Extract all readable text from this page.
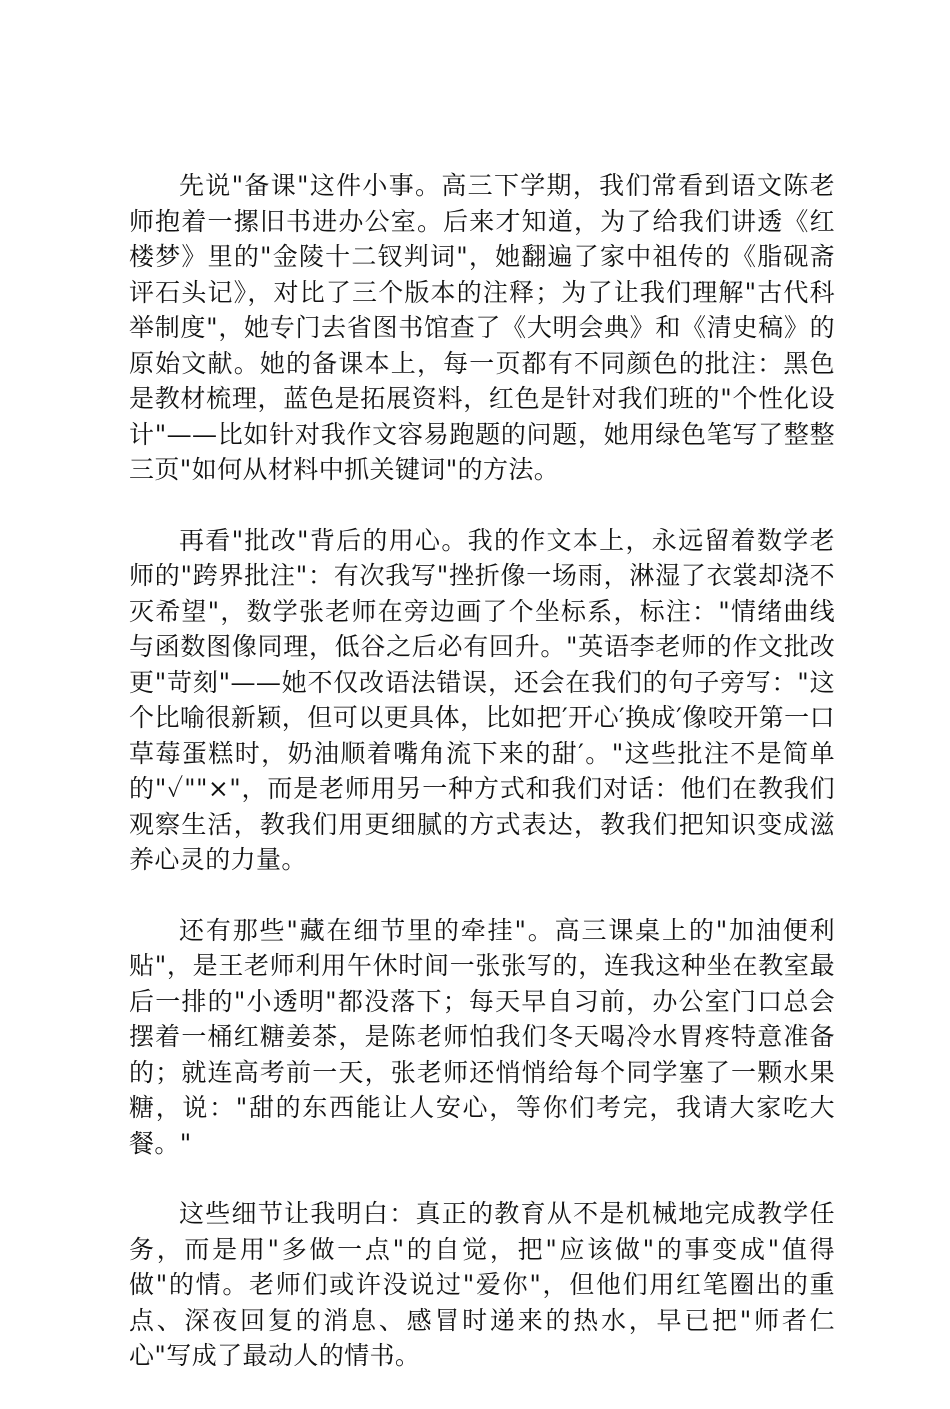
先说"备课"这件小事。高三下学期，我们常看到语文陈老师抱着一摞旧书进办公室。后来才知道，为了给我们讲透《红楼梦》里的"金陵十二钗判词"，她翻遍了家中祖传的《脂砚斋评石头记》，对比了三个版本的注释；为了让我们理解"古代科举制度"，她专门去省图书馆查了《大明会典》和《清史稿》的原始文献。她的备课本上，每一页都有不同颜色的批注：黑色是教材梳理，蓝色是拓展资料，红色是针对我们班的"个性化设计"——比如针对我作文容易跑题的问题，她用绿色笔写了整整三页"如何从材料中抓关键词"的方法。

再看"批改"背后的用心。我的作文本上，永远留着数学老师的"跨界批注"：有次我写"挫折像一场雨，淋湿了衣裳却浇不灭希望"，数学张老师在旁边画了个坐标系，标注："情绪曲线与函数图像同理，低谷之后必有回升。"英语李老师的作文批改更"苛刻"——她不仅改语法错误，还会在我们的句子旁写："这个比喻很新颖，但可以更具体，比如把′开心′换成′像咬开第一口草莓蛋糕时，奶油顺着嘴角流下来的甜′。"这些批注不是简单的"✓""×"，而是老师用另一种方式和我们对话：他们在教我们观察生活，教我们用更细腻的方式表达，教我们把知识变成滋养心灵的力量。

还有那些"藏在细节里的牵挂"。高三课桌上的"加油便利贴"，是王老师利用午休时间一张张写的，连我这种坐在教室最后一排的"小透明"都没落下；每天早自习前，办公室门口总会摆着一桶红糖姜茶，是陈老师怕我们冬天喝冷水胃疼特意准备的；就连高考前一天，张老师还悄悄给每个同学塞了一颗水果糖，说："甜的东西能让人安心，等你们考完，我请大家吃大餐。"

这些细节让我明白：真正的教育从不是机械地完成教学任务，而是用"多做一点"的自觉，把"应该做"的事变成"值得做"的情。老师们或许没说过"爱你"，但他们用红笔圈出的重点、深夜回复的消息、感冒时递来的热水，早已把"师者仁心"写成了最动人的情书。
